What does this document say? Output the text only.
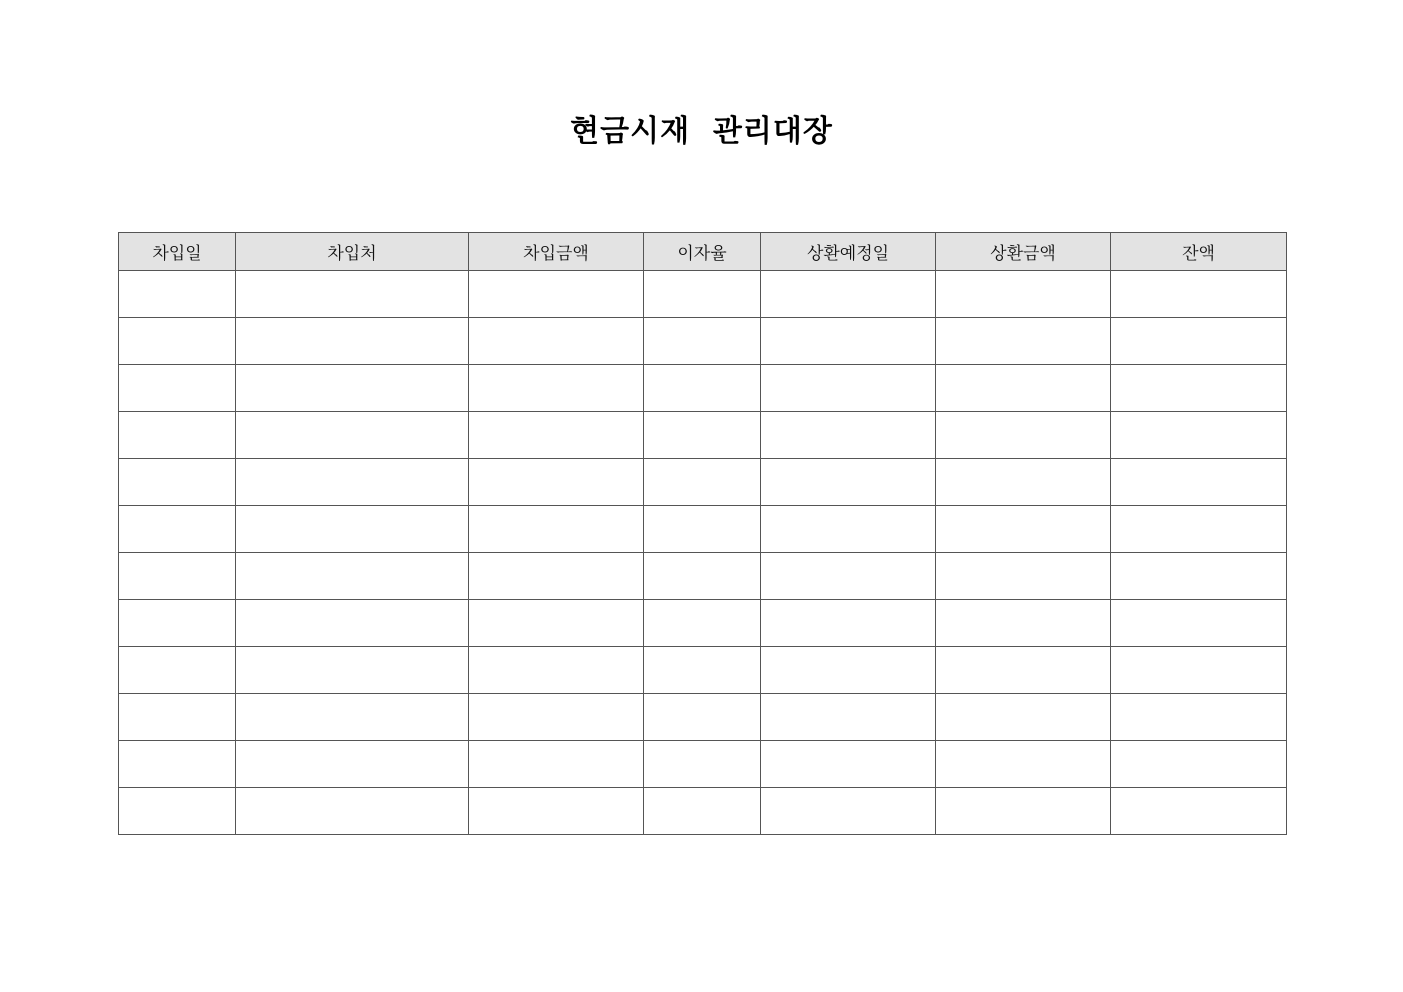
현금시재  관리대장
차입일	차입처	차입금액	이자율	상환예정일	상환금액	잔액
